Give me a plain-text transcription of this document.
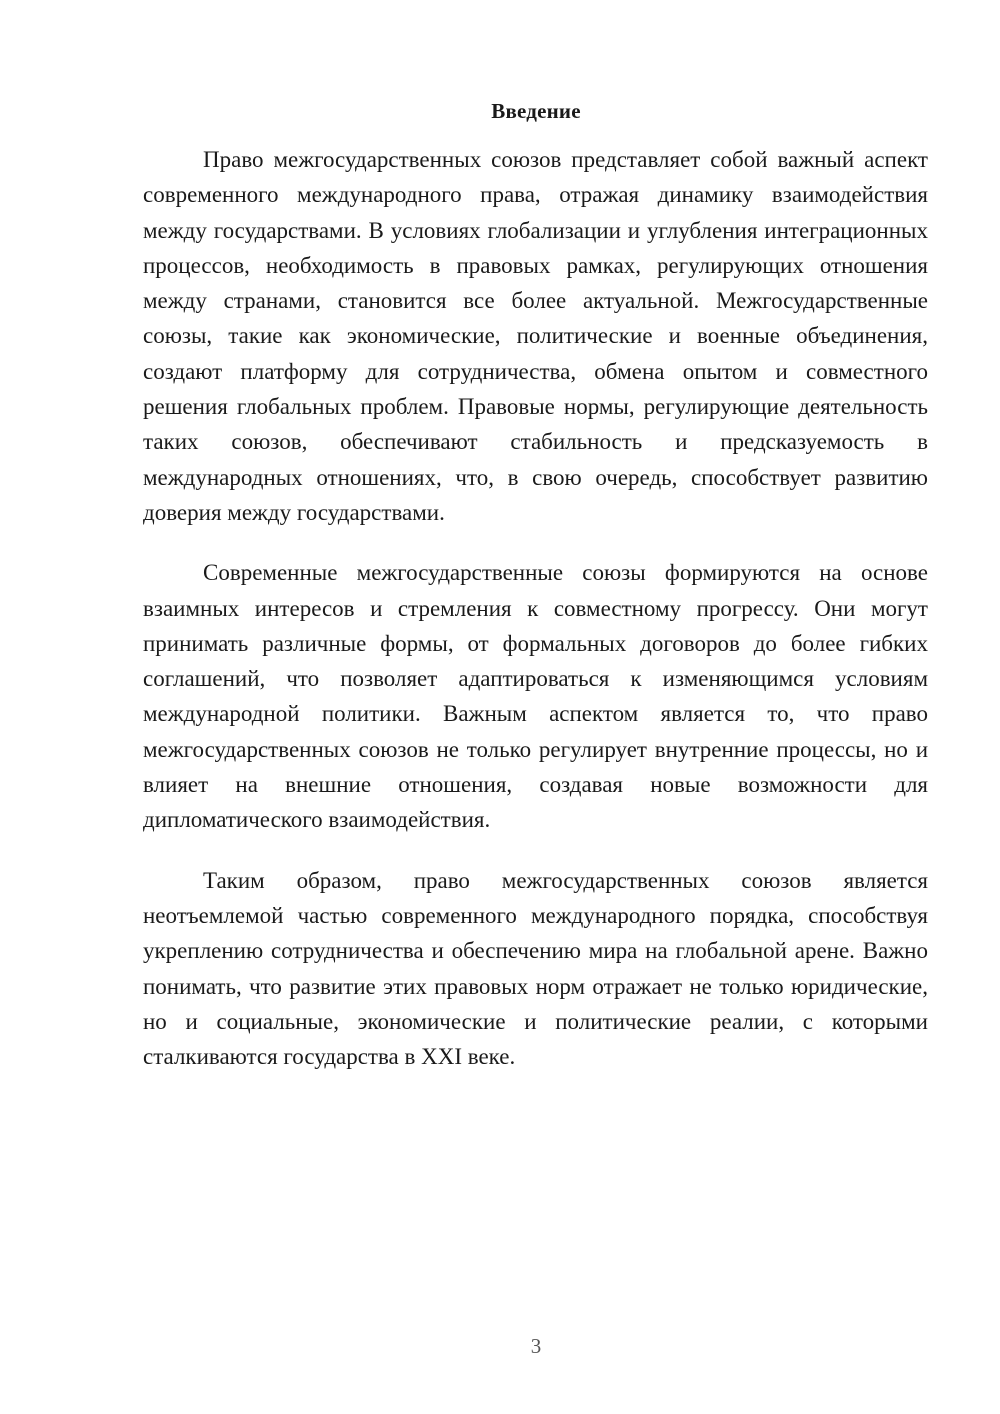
Введение

Право межгосударственных союзов представляет собой важный аспект современного международного права, отражая динамику взаимодействия между государствами. В условиях глобализации и углубления интеграционных процессов, необходимость в правовых рамках, регулирующих отношения между странами, становится все более актуальной. Межгосударственные союзы, такие как экономические, политические и военные объединения, создают платформу для сотрудничества, обмена опытом и совместного решения глобальных проблем. Правовые нормы, регулирующие деятельность таких союзов, обеспечивают стабильность и предсказуемость в международных отношениях, что, в свою очередь, способствует развитию доверия между государствами.

Современные межгосударственные союзы формируются на основе взаимных интересов и стремления к совместному прогрессу. Они могут принимать различные формы, от формальных договоров до более гибких соглашений, что позволяет адаптироваться к изменяющимся условиям международной политики. Важным аспектом является то, что право межгосударственных союзов не только регулирует внутренние процессы, но и влияет на внешние отношения, создавая новые возможности для дипломатического взаимодействия.

Таким образом, право межгосударственных союзов является неотъемлемой частью современного международного порядка, способствуя укреплению сотрудничества и обеспечению мира на глобальной арене. Важно понимать, что развитие этих правовых норм отражает не только юридические, но и социальные, экономические и политические реалии, с которыми сталкиваются государства в XXI веке.

3
